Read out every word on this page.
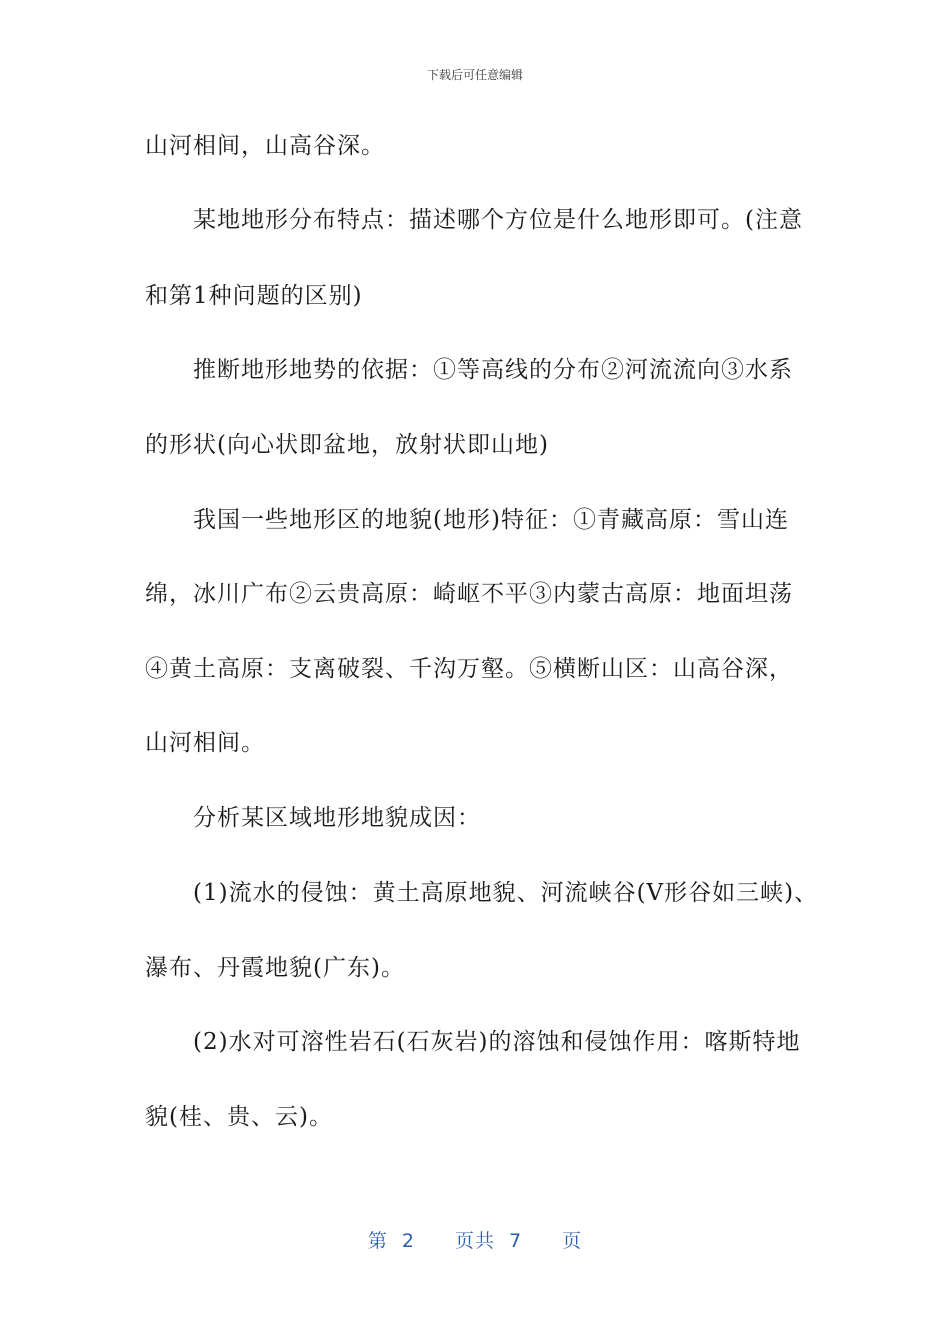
下载后可任意编辑
山河相间，山高谷深。
某地地形分布特点：描述哪个方位是什么地形即可。(注意
和第1种问题的区别)
推断地形地势的依据：①等高线的分布②河流流向③水系
的形状(向心状即盆地，放射状即山地)
我国一些地形区的地貌(地形)特征：①青藏高原：雪山连
绵，冰川广布②云贵高原：崎岖不平③内蒙古高原：地面坦荡
④黄土高原：支离破裂、千沟万壑。⑤横断山区：山高谷深，
山河相间。
分析某区域地形地貌成因：
(1)流水的侵蚀：黄土高原地貌、河流峡谷(V形谷如三峡)、
瀑布、丹霞地貌(广东)。
(2)水对可溶性岩石(石灰岩)的溶蚀和侵蚀作用：喀斯特地
貌(桂、贵、云)。
第 2 页共 7 页
